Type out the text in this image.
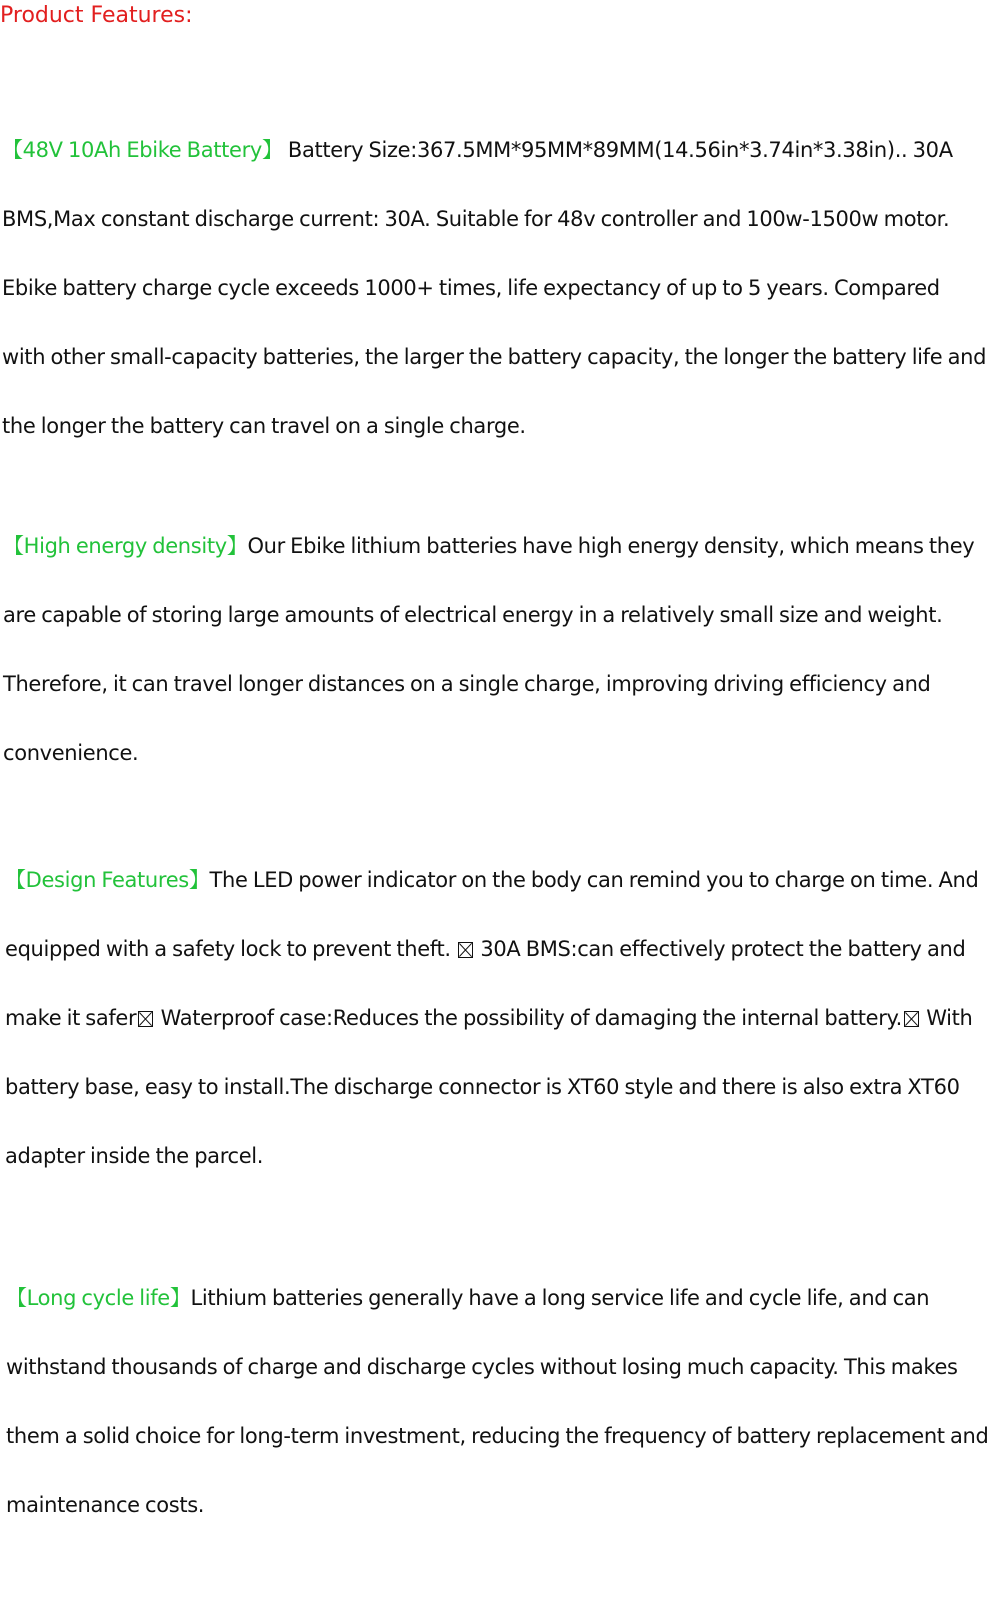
Product Features:

【48V 10Ah Ebike Battery】 Battery Size:367.5MM*95MM*89MM(14.56in*3.74in*3.38in).. 30A BMS,Max constant discharge current: 30A. Suitable for 48v controller and 100w-1500w motor. Ebike battery charge cycle exceeds 1000+ times, life expectancy of up to 5 years. Compared with other small-capacity batteries, the larger the battery capacity, the longer the battery life and the longer the battery can travel on a single charge.

【High energy density】Our Ebike lithium batteries have high energy density, which means they are capable of storing large amounts of electrical energy in a relatively small size and weight. Therefore, it can travel longer distances on a single charge, improving driving efficiency and convenience.

【Design Features】The LED power indicator on the body can remind you to charge on time. And equipped with a safety lock to prevent theft.  30A BMS:can effectively protect the battery and make it safer Waterproof case:Reduces the possibility of damaging the internal battery. With battery base, easy to install.The discharge connector is XT60 style and there is also extra XT60 adapter inside the parcel.

【Long cycle life】Lithium batteries generally have a long service life and cycle life, and can withstand thousands of charge and discharge cycles without losing much capacity. This makes them a solid choice for long-term investment, reducing the frequency of battery replacement and maintenance costs.
